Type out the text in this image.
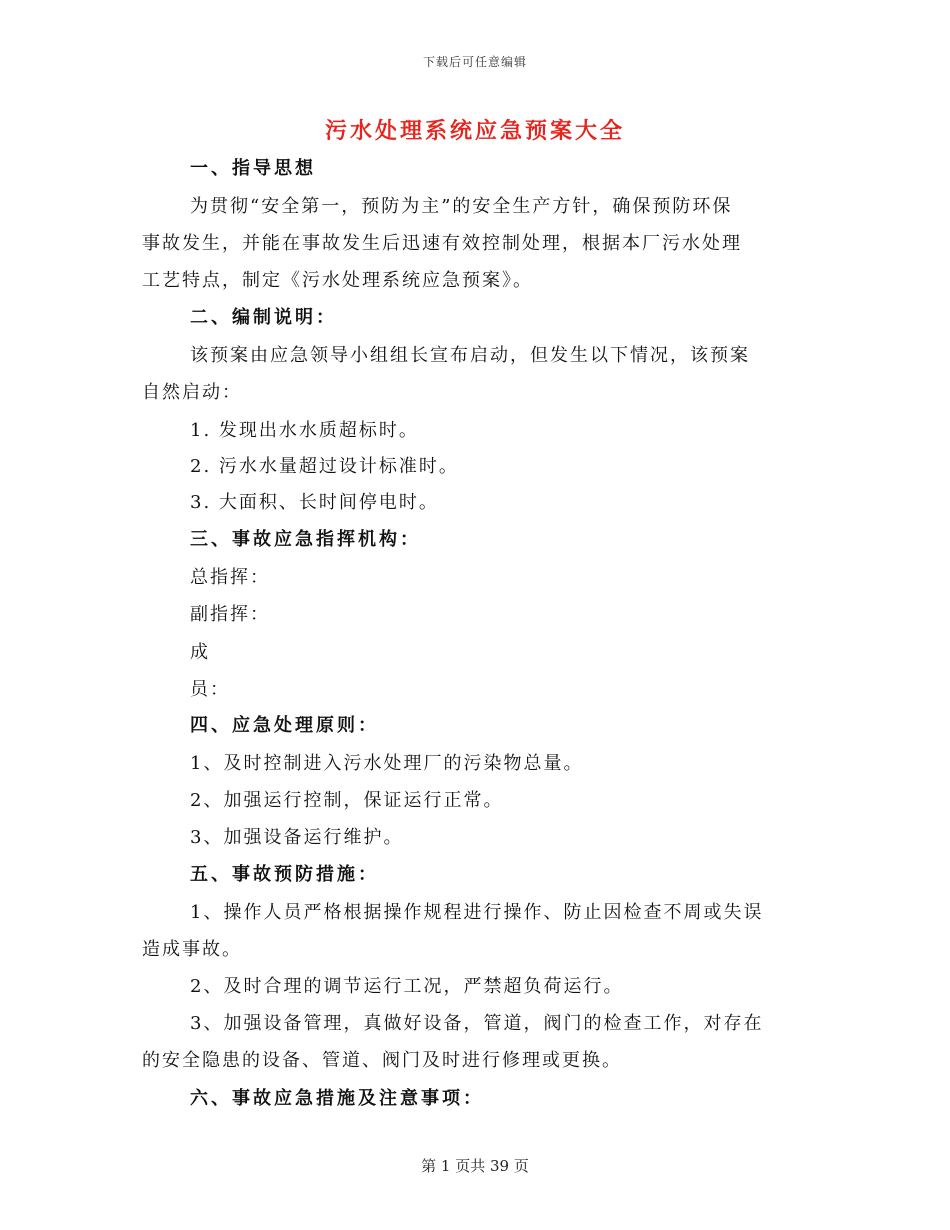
下载后可任意编辑
污水处理系统应急预案大全
一、指导思想
为贯彻“安全第一，预防为主”的安全生产方针，确保预防环保
事故发生，并能在事故发生后迅速有效控制处理，根据本厂污水处理
工艺特点，制定《污水处理系统应急预案》。
二、编制说明：
该预案由应急领导小组组长宣布启动，但发生以下情况，该预案
自然启动：
1. 发现出水水质超标时。
2. 污水水量超过设计标准时。
3. 大面积、长时间停电时。
三、事故应急指挥机构：
总指挥：
副指挥：
成
员：
四、应急处理原则：
1、及时控制进入污水处理厂的污染物总量。
2、加强运行控制，保证运行正常。
3、加强设备运行维护。
五、事故预防措施：
1、操作人员严格根据操作规程进行操作、防止因检查不周或失误
造成事故。
2、及时合理的调节运行工况，严禁超负荷运行。
3、加强设备管理，真做好设备，管道，阀门的检查工作，对存在
的安全隐患的设备、管道、阀门及时进行修理或更换。
六、事故应急措施及注意事项：
第 1 页共 39 页
